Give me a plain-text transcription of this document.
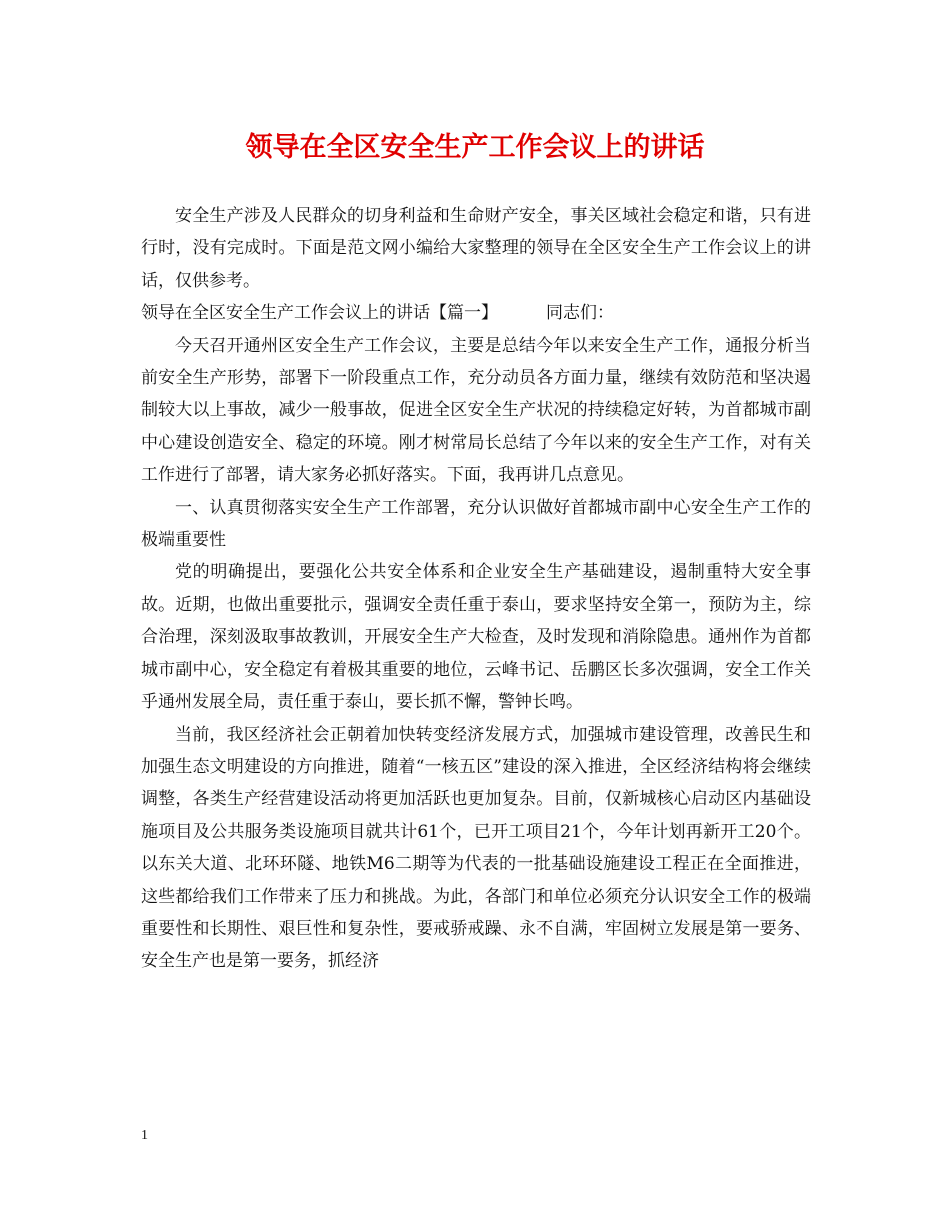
领导在全区安全生产工作会议上的讲话

安全生产涉及人民群众的切身利益和生命财产安全，事关区域社会稳定和谐，只有进行时，没有完成时。下面是范文网小编给大家整理的领导在全区安全生产工作会议上的讲话，仅供参考。

领导在全区安全生产工作会议上的讲话【篇一】	同志们：

今天召开通州区安全生产工作会议，主要是总结今年以来安全生产工作，通报分析当前安全生产形势，部署下一阶段重点工作，充分动员各方面力量，继续有效防范和坚决遏制较大以上事故，减少一般事故，促进全区安全生产状况的持续稳定好转，为首都城市副中心建设创造安全、稳定的环境。刚才树常局长总结了今年以来的安全生产工作，对有关工作进行了部署，请大家务必抓好落实。下面，我再讲几点意见。

一、认真贯彻落实安全生产工作部署，充分认识做好首都城市副中心安全生产工作的极端重要性

党的明确提出，要强化公共安全体系和企业安全生产基础建设，遏制重特大安全事故。近期，也做出重要批示，强调安全责任重于泰山，要求坚持安全第一，预防为主，综合治理，深刻汲取事故教训，开展安全生产大检查，及时发现和消除隐患。通州作为首都城市副中心，安全稳定有着极其重要的地位，云峰书记、岳鹏区长多次强调，安全工作关乎通州发展全局，责任重于泰山，要长抓不懈，警钟长鸣。

当前，我区经济社会正朝着加快转变经济发展方式，加强城市建设管理，改善民生和加强生态文明建设的方向推进，随着“一核五区”建设的深入推进，全区经济结构将会继续调整，各类生产经营建设活动将更加活跃也更加复杂。目前，仅新城核心启动区内基础设施项目及公共服务类设施项目就共计61个，已开工项目21个，今年计划再新开工20个。以东关大道、北环环隧、地铁M6二期等为代表的一批基础设施建设工程正在全面推进，这些都给我们工作带来了压力和挑战。为此，各部门和单位必须充分认识安全工作的极端重要性和长期性、艰巨性和复杂性，要戒骄戒躁、永不自满，牢固树立发展是第一要务、安全生产也是第一要务，抓经济

1
